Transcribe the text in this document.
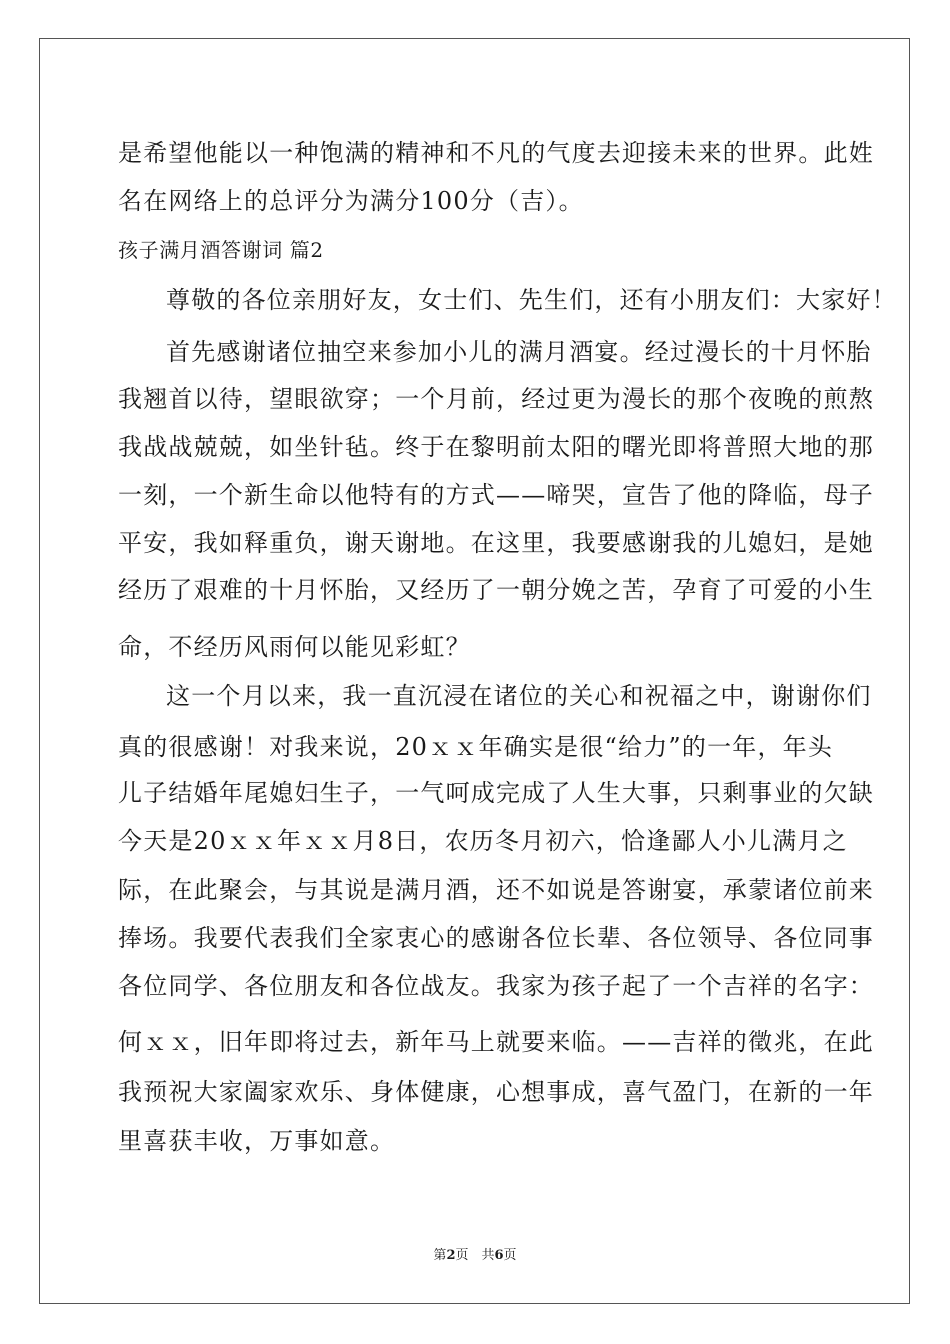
是希望他能以一种饱满的精神和不凡的气度去迎接未来的世界。此姓
名在网络上的总评分为满分100分（吉）。
孩子满月酒答谢词 篇2
尊敬的各位亲朋好友，女士们、先生们，还有小朋友们：大家好！
首先感谢诸位抽空来参加小儿的满月酒宴。经过漫长的十月怀胎
我翘首以待，望眼欲穿；一个月前，经过更为漫长的那个夜晚的煎熬
我战战兢兢，如坐针毡。终于在黎明前太阳的曙光即将普照大地的那
一刻，一个新生命以他特有的方式——啼哭，宣告了他的降临，母子
平安，我如释重负，谢天谢地。在这里，我要感谢我的儿媳妇，是她
经历了艰难的十月怀胎，又经历了一朝分娩之苦，孕育了可爱的小生
命，不经历风雨何以能见彩虹？
这一个月以来，我一直沉浸在诸位的关心和祝福之中，谢谢你们
真的很感谢！对我来说，20ｘｘ年确实是很“给力”的一年，年头
儿子结婚年尾媳妇生子，一气呵成完成了人生大事，只剩事业的欠缺
今天是20ｘｘ年ｘｘ月8日，农历冬月初六，恰逢鄙人小儿满月之
际，在此聚会，与其说是满月酒，还不如说是答谢宴，承蒙诸位前来
捧场。我要代表我们全家衷心的感谢各位长辈、各位领导、各位同事
各位同学、各位朋友和各位战友。我家为孩子起了一个吉祥的名字：
何ｘｘ，旧年即将过去，新年马上就要来临。——吉祥的徵兆，在此
我预祝大家阖家欢乐、身体健康，心想事成，喜气盈门，在新的一年
里喜获丰收，万事如意。
第2页　共6页
